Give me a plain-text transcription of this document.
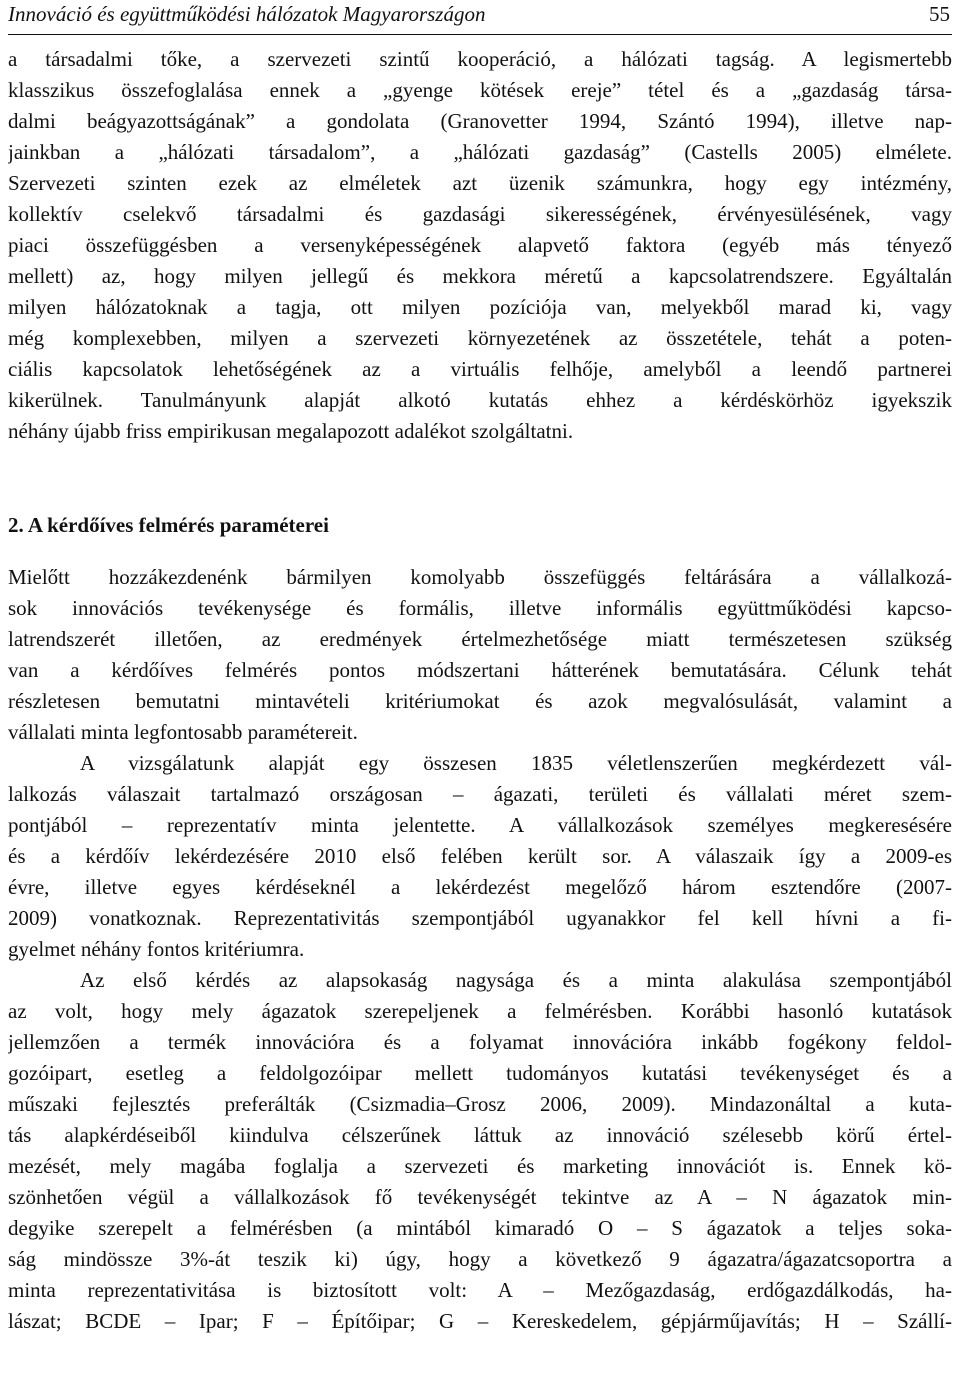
Innováció és együttműködési hálózatok Magyarországon	55
a társadalmi tőke, a szervezeti szintű kooperáció, a hálózati tagság. A legismertebb
klasszikus összefoglalása ennek a „gyenge kötések ereje” tétel és a „gazdaság társa-
dalmi beágyazottságának” a gondolata (Granovetter 1994, Szántó 1994), illetve nap-
jainkban a „hálózati társadalom”, a „hálózati gazdaság” (Castells 2005) elmélete.
Szervezeti szinten ezek az elméletek azt üzenik számunkra, hogy egy intézmény,
kollektív cselekvő társadalmi és gazdasági sikerességének, érvényesülésének, vagy
piaci összefüggésben a versenyképességének alapvető faktora (egyéb más tényező
mellett) az, hogy milyen jellegű és mekkora méretű a kapcsolatrendszere. Egyáltalán
milyen hálózatoknak a tagja, ott milyen pozíciója van, melyekből marad ki, vagy
még komplexebben, milyen a szervezeti környezetének az összetétele, tehát a poten-
ciális kapcsolatok lehetőségének az a virtuális felhője, amelyből a leendő partnerei
kikerülnek. Tanulmányunk alapját alkotó kutatás ehhez a kérdéskörhöz igyekszik
néhány újabb friss empirikusan megalapozott adalékot szolgáltatni.
2. A kérdőíves felmérés paraméterei
Mielőtt hozzákezdenénk bármilyen komolyabb összefüggés feltárására a vállalkozá-
sok innovációs tevékenysége és formális, illetve informális együttműködési kapcso-
latrendszerét illetően, az eredmények értelmezhetősége miatt természetesen szükség
van a kérdőíves felmérés pontos módszertani hátterének bemutatására. Célunk tehát
részletesen bemutatni mintavételi kritériumokat és azok megvalósulását, valamint a
vállalati minta legfontosabb paramétereit.
A vizsgálatunk alapját egy összesen 1835 véletlenszerűen megkérdezett vál-
lalkozás válaszait tartalmazó országosan – ágazati, területi és vállalati méret szem-
pontjából – reprezentatív minta jelentette. A vállalkozások személyes megkeresésére
és a kérdőív lekérdezésére 2010 első felében került sor. A válaszaik így a 2009-es
évre, illetve egyes kérdéseknél a lekérdezést megelőző három esztendőre (2007-
2009) vonatkoznak. Reprezentativitás szempontjából ugyanakkor fel kell hívni a fi-
gyelmet néhány fontos kritériumra.
Az első kérdés az alapsokaság nagysága és a minta alakulása szempontjából
az volt, hogy mely ágazatok szerepeljenek a felmérésben. Korábbi hasonló kutatások
jellemzően a termék innovációra és a folyamat innovációra inkább fogékony feldol-
gozóipart, esetleg a feldolgozóipar mellett tudományos kutatási tevékenységet és a
műszaki fejlesztés preferálták (Csizmadia–Grosz 2006, 2009). Mindazonáltal a kuta-
tás alapkérdéseiből kiindulva célszerűnek láttuk az innováció szélesebb körű értel-
mezését, mely magába foglalja a szervezeti és marketing innovációt is. Ennek kö-
szönhetően végül a vállalkozások fő tevékenységét tekintve az A – N ágazatok min-
degyike szerepelt a felmérésben (a mintából kimaradó O – S ágazatok a teljes soka-
ság mindössze 3%-át teszik ki) úgy, hogy a következő 9 ágazatra/ágazatcsoportra a
minta reprezentativitása is biztosított volt: A – Mezőgazdaság, erdőgazdálkodás, ha-
lászat; BCDE – Ipar; F – Építőipar; G – Kereskedelem, gépjárműjavítás; H – Szállí-
